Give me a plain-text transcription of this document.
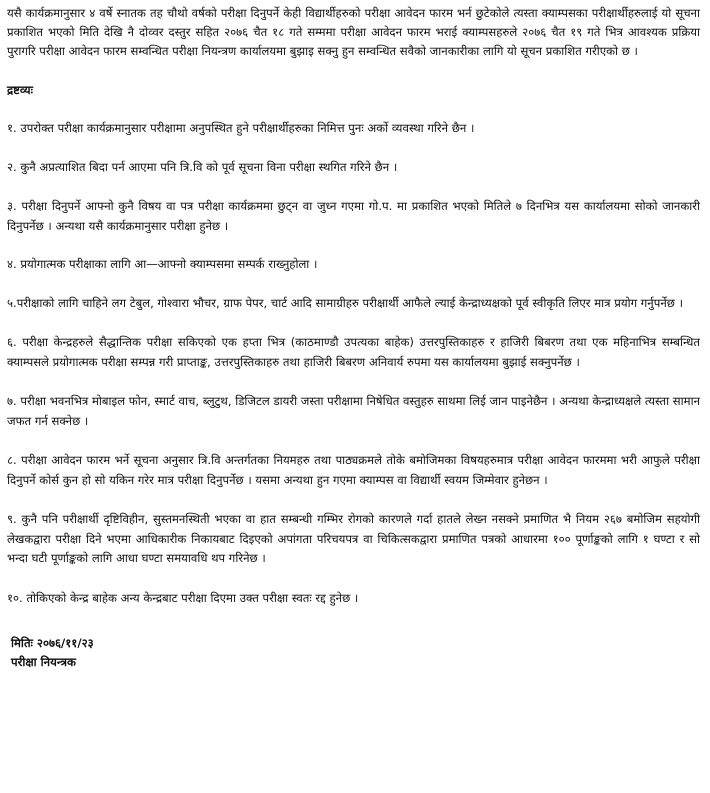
यसै कार्यक्रमानुसार ४ वर्षे स्नातक तह चौथो वर्षको परीक्षा दिनुपर्ने केही विद्यार्थीहरुको परीक्षा आवेदन फारम भर्न छुटेकोले त्यस्ता क्याम्पसका परीक्षार्थीहरुलाई यो सूचना प्रकाशित भएको मिति देखि नै दोव्वर दस्तुर सहित २०७६ चैत १८ गते सम्ममा परीक्षा आवेदन फारम भराई क्याम्पसहरुले २०७६ चैत १९ गते भित्र आवश्यक प्रक्रिया पुरागरि परीक्षा आवेदन फारम सम्वन्धित परीक्षा नियन्त्रण कार्यालयमा बुझाइ सक्नु हुन सम्वन्धित सवैको जानकारीका लागि यो सूचन प्रकाशित गरीएको छ ।

द्रष्टव्यः

१. उपरोक्त परीक्षा कार्यक्रमानुसार परीक्षामा अनुपस्थित हुने परीक्षार्थीहरुका निमित्त पुनः अर्को व्यवस्था गरिने छैन ।

२. कुनै अप्रत्याशित बिदा पर्न आएमा पनि त्रि.वि को पूर्व सूचना विना परीक्षा स्थगित गरिने छैन ।

३. परीक्षा दिनुपर्ने आफ्नो कुनै विषय वा पत्र परीक्षा कार्यक्रममा छुट्न वा जुध्न गएमा गो.प. मा प्रकाशित भएको मितिले ७ दिनभित्र यस कार्यालयमा सोको जानकारी दिनुपर्नेछ । अन्यथा यसै कार्यक्रमानुसार परीक्षा हुनेछ ।

४. प्रयोगात्मक परीक्षाका लागि आ—आफ्नो क्याम्पसमा सम्पर्क राख्नुहोला ।

५.परीक्षाको लागि चाहिने लग टेबुल, गोश्वारा भौचर, ग्राफ पेपर, चार्ट आदि सामाग्रीहरु परीक्षार्थी आफैले ल्याई केन्द्राध्यक्षको पूर्व स्वीकृति लिएर मात्र प्रयोग गर्नुपर्नेछ ।

६. परीक्षा केन्द्रहरुले सैद्धान्तिक परीक्षा सकिएको एक हप्ता भित्र (काठमाण्डौ उपत्यका बाहेक) उत्तरपुस्तिकाहरु र हाजिरी बिबरण तथा एक महिनाभित्र सम्बन्धित क्याम्पसले प्रयोगात्मक परीक्षा सम्पन्न गरी प्राप्ताङ्क, उत्तरपुस्तिकाहरु तथा हाजिरी बिबरण अनिवार्य रुपमा यस कार्यालयमा बुझाई सक्नुपर्नेछ ।

७. परीक्षा भवनभित्र मोबाइल फोन, स्मार्ट वाच, ब्लुटुथ, डिजिटल डायरी जस्ता परीक्षामा निषेधित वस्तुहरु साथमा लिई जान पाइनेछैन । अन्यथा केन्द्राध्यक्षले त्यस्ता सामान जफत गर्न सक्नेछ ।

८. परीक्षा आवेदन फारम भर्ने सूचना अनुसार त्रि.वि अन्तर्गतका नियमहरु तथा पाठ्यक्रमले तोके बमोजिमका विषयहरुमात्र परीक्षा आवेदन फारममा भरी आफुले परीक्षा दिनुपर्ने कोर्स कुन हो सो यकिन गरेर मात्र परीक्षा दिनुपर्नेछ । यसमा अन्यथा हुन गएमा क्याम्पस वा विद्यार्थी स्वयम जिम्मेवार हुनेछन ।

९. कुनै पनि परीक्षार्थी दृष्टिविहीन, सुस्तमनस्थिती भएका वा हात सम्बन्धी गम्भिर रोगको कारणले गर्दा हातले लेख्न नसक्ने प्रमाणित भै नियम २६७ बमोजिम सहयोगी लेखकद्वारा परीक्षा दिने भएमा आधिकारीक निकायबाट दिइएको अपांगता परिचयपत्र वा चिकित्सकद्वारा प्रमाणित पत्रको आधारमा १०० पूर्णाङ्कको लागि १ घण्टा र सो भन्दा घटी पूर्णाङ्कको लागि आधा घण्टा समयावधि थप गरिनेछ ।

१०. तोकिएको केन्द्र बाहेक अन्य केन्द्रबाट परीक्षा दिएमा उक्त परीक्षा स्वतः रद्द हुनेछ ।

मितिः २०७६/११/२३
परीक्षा नियन्त्रक
